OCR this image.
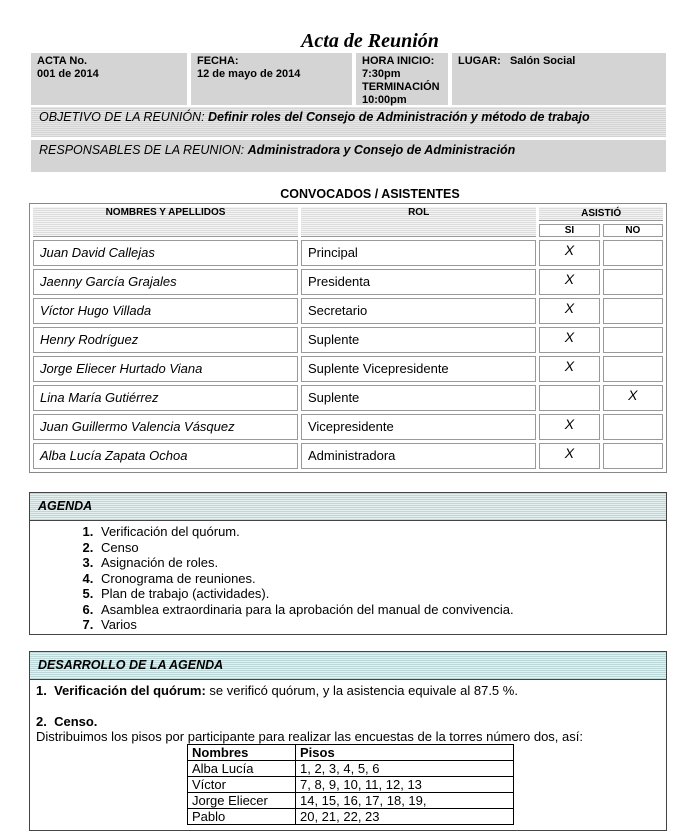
Acta de Reunión
ACTA No.
001 de 2014
FECHA:
12 de mayo de 2014
HORA INICIO:
7:30pm
TERMINACIÓN
10:00pm
LUGAR: Salón Social
OBJETIVO DE LA REUNIÓN: Definir roles del Consejo de Administración y método de trabajo
RESPONSABLES DE LA REUNION: Administradora y Consejo de Administración
CONVOCADOS / ASISTENTES
NOMBRES Y APELLIDOS	ROL	ASISTIÓ	
		SI	NO
Juan David Callejas	Principal	X	
Jaenny García Grajales	Presidenta	X	
Víctor Hugo Villada	Secretario	X	
Henry Rodríguez	Suplente	X	
Jorge Eliecer Hurtado Viana	Suplente Vicepresidente	X	
Lina María Gutiérrez	Suplente		X
Juan Guillermo Valencia Vásquez	Vicepresidente	X	
Alba Lucía Zapata Ochoa	Administradora	X	
AGENDA
1. Verificación del quórum.
2. Censo
3. Asignación de roles.
4. Cronograma de reuniones.
5. Plan de trabajo (actividades).
6. Asamblea extraordinaria para la aprobación del manual de convivencia.
7. Varios
DESARROLLO DE LA AGENDA
1. Verificación del quórum: se verificó quórum, y la asistencia equivale al 87.5 %.
2. Censo.
Distribuimos los pisos por participante para realizar las encuestas de la torres número dos, así:
Nombres	Pisos
Alba Lucía	1, 2, 3, 4, 5, 6
Víctor	7, 8, 9, 10, 11, 12, 13
Jorge Eliecer	14, 15, 16, 17, 18, 19,
Pablo	20, 21, 22, 23
